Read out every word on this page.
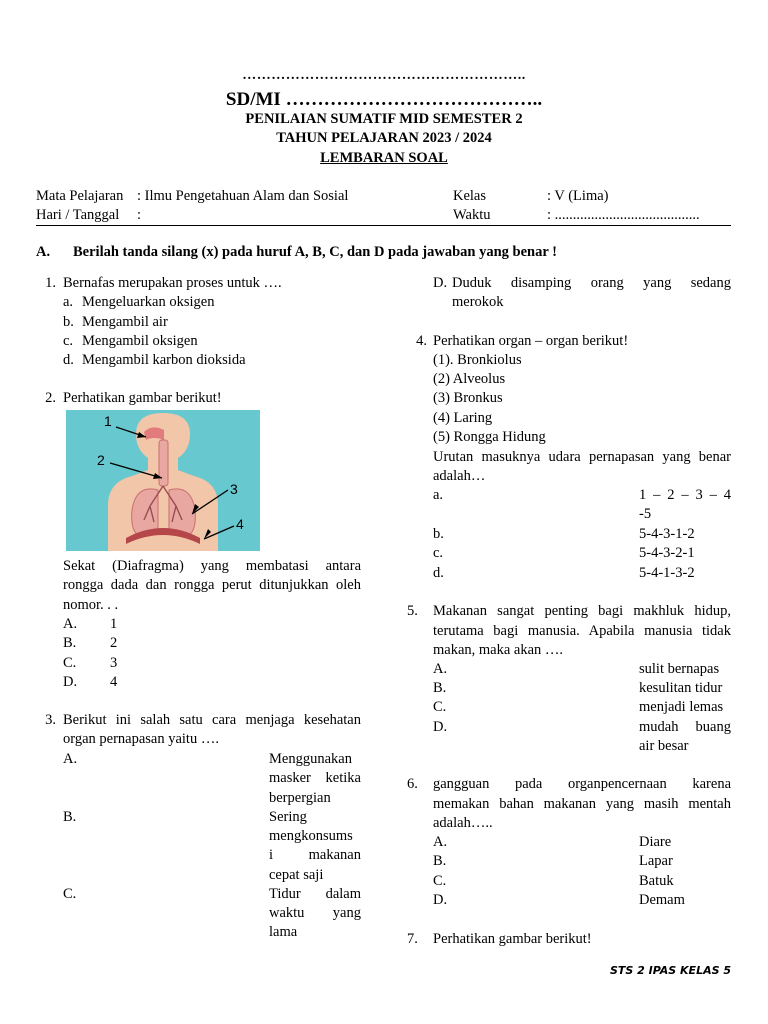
…………………………………………………..
SD/MI …………………………………..
PENILAIAN SUMATIF MID SEMESTER 2
TAHUN PELAJARAN 2023 / 2024
LEMBARAN SOAL
Mata Pelajaran : Ilmu Pengetahuan Alam dan Sosial
Hari / Tanggal :
Kelas	: V (Lima)
Waktu	: ........................................
A. Berilah tanda silang (x) pada huruf A, B, C, dan D pada jawaban yang benar !
1. Bernafas merupakan proses untuk ….
a. Mengeluarkan oksigen
b. Mengambil air
c. Mengambil oksigen
d. Mengambil karbon dioksida
2. Perhatikan gambar berikut!
1
2
3
4
Sekat (Diafragma) yang membatasi antara
rongga dada dan rongga perut ditunjukkan oleh
nomor. . .
A. 1
B. 2
C. 3
D. 4
3. Berikut ini salah satu cara menjaga kesehatan
organ pernapasan yaitu ….
A.	Menggunakan
masker ketika
berpergian
B.	Sering
mengkonsums
i makanan
cepat saji
C.	Tidur dalam
waktu yang
lama
D. Duduk disamping orang yang sedang
merokok
4. Perhatikan organ – organ berikut!
(1). Bronkiolus
(2) Alveolus
(3) Bronkus
(4) Laring
(5) Rongga Hidung
Urutan masuknya udara pernapasan yang benar
adalah…
a.	1 – 2 – 3 – 4
-5
b.	5-4-3-1-2
c.	5-4-3-2-1
d.	5-4-1-3-2
5. Makanan sangat penting bagi makhluk hidup,
terutama bagi manusia. Apabila manusia tidak
makan, maka akan ….
A.	sulit bernapas
B.	kesulitan tidur
C.	menjadi lemas
D.	mudah buang
air besar
6. gangguan pada organpencernaan karena
memakan bahan makanan yang masih mentah
adalah…..
A.	Diare
B.	Lapar
C.	Batuk
D.	Demam
7. Perhatikan gambar berikut!
STS 2 IPAS KELAS 5
